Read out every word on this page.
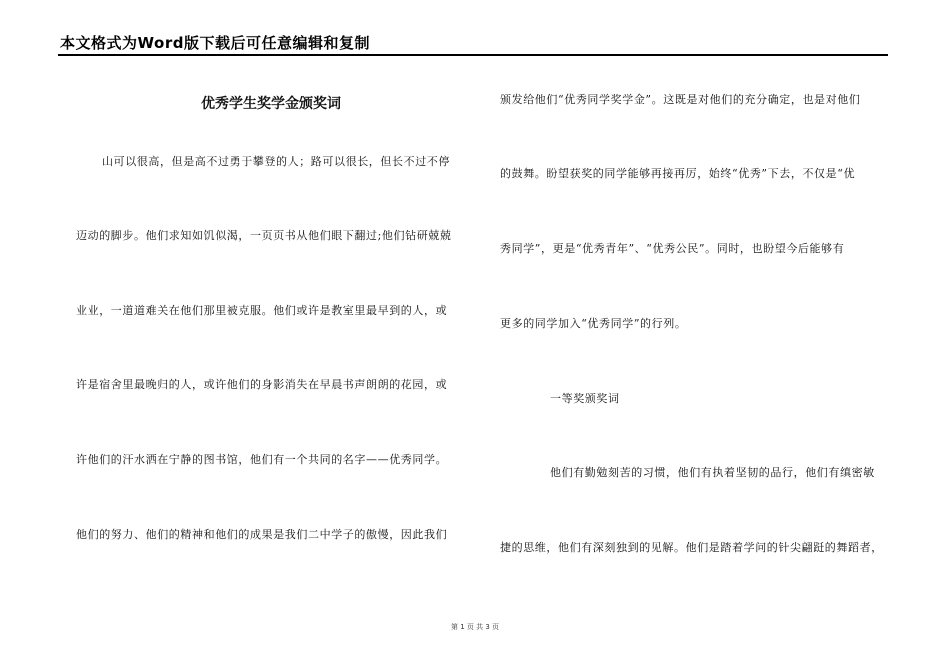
本文格式为Word版下载后可任意编辑和复制
优秀学生奖学金颁奖词
山可以很高，但是高不过勇于攀登的人；路可以很长，但长不过不停
迈动的脚步。他们求知如饥似渴，一页页书从他们眼下翻过;他们钻研兢兢
业业，一道道难关在他们那里被克服。他们或许是教室里最早到的人，或
许是宿舍里最晚归的人，或许他们的身影消失在早晨书声朗朗的花园，或
许他们的汗水洒在宁静的图书馆，他们有一个共同的名字——优秀同学。
他们的努力、他们的精神和他们的成果是我们二中学子的傲慢，因此我们
颁发给他们“优秀同学奖学金”。这既是对他们的充分确定，也是对他们
的鼓舞。盼望获奖的同学能够再接再厉，始终“优秀”下去，不仅是“优
秀同学”，更是“优秀青年”、“优秀公民”。同时，也盼望今后能够有
更多的同学加入“优秀同学”的行列。
一等奖颁奖词
他们有勤勉刻苦的习惯，他们有执着坚韧的品行，他们有缜密敏
捷的思维，他们有深刻独到的见解。他们是踏着学问的针尖翩跹的舞蹈者，
第 1 页 共 3 页
